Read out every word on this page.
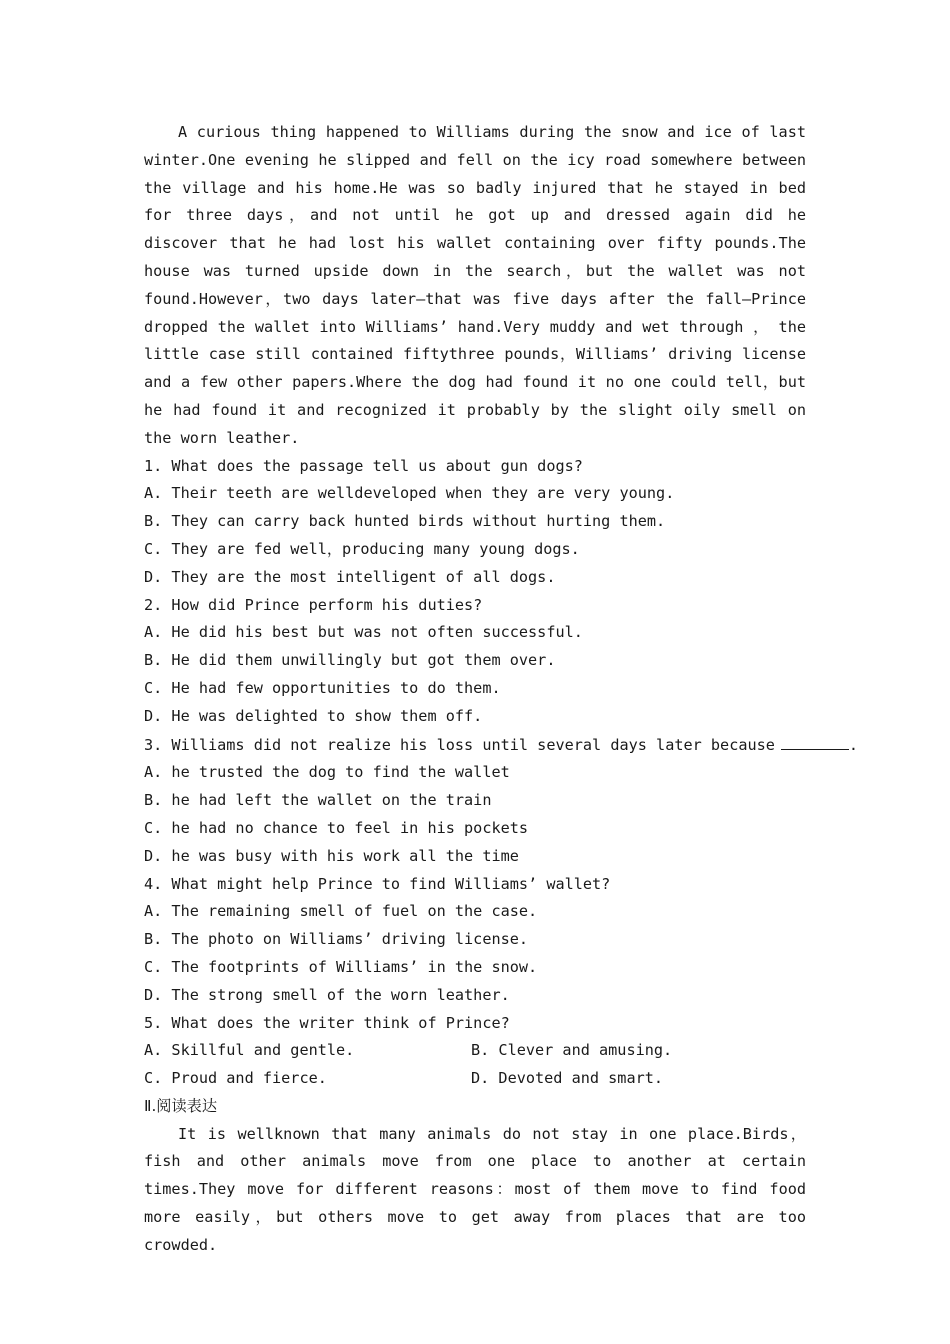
A curious thing happened to Williams during the snow and ice of last winter.One evening he slipped and fell on the icy road somewhere between the village and his home.He was so badly injured that he stayed in bed for three days，and not until he got up and dressed again did he discover that he had lost his wallet containing over fifty pounds.The house was turned upside down in the search，but the wallet was not found.However，two days later—that was five days after the fall—Prince dropped the wallet into Williams’ hand.Very muddy and wet through ， the little case still contained fiftythree pounds，Williams’ driving license and a few other papers.Where the dog had found it no one could tell，but he had found it and recognized it probably by the slight oily smell on the worn leather.

1. What does the passage tell us about gun dogs?

A. Their teeth are welldeveloped when they are very young.

B. They can carry back hunted birds without hurting them.

C. They are fed well，producing many young dogs.

D. They are the most intelligent of all dogs.

2. How did Prince perform his duties?

A. He did his best but was not often successful.

B. He did them unwillingly but got them over.

C. He had few opportunities to do them.

D. He was delighted to show them off.

3. Williams did not realize his loss until several days later because	.

A. he trusted the dog to find the wallet

B. he had left the wallet on the train

C. he had no chance to feel in his pockets

D. he was busy with his work all the time

4. What might help Prince to find Williams’ wallet?

A. The remaining smell of fuel on the case.

B. The photo on Williams’ driving license.

C. The footprints of Williams’ in the snow.

D. The strong smell of the worn leather.

5. What does the writer think of Prince?

A. Skillful and gentle.	B. Clever and amusing.
C. Proud and fierce.	D. Devoted and smart.

Ⅱ.阅读表达

It is wellknown that many animals do not stay in one place.Birds，fish and other animals move from one place to another at certain times.They move for different reasons：most of them move to find food more easily，but others move to get away from places that are too crowded.
